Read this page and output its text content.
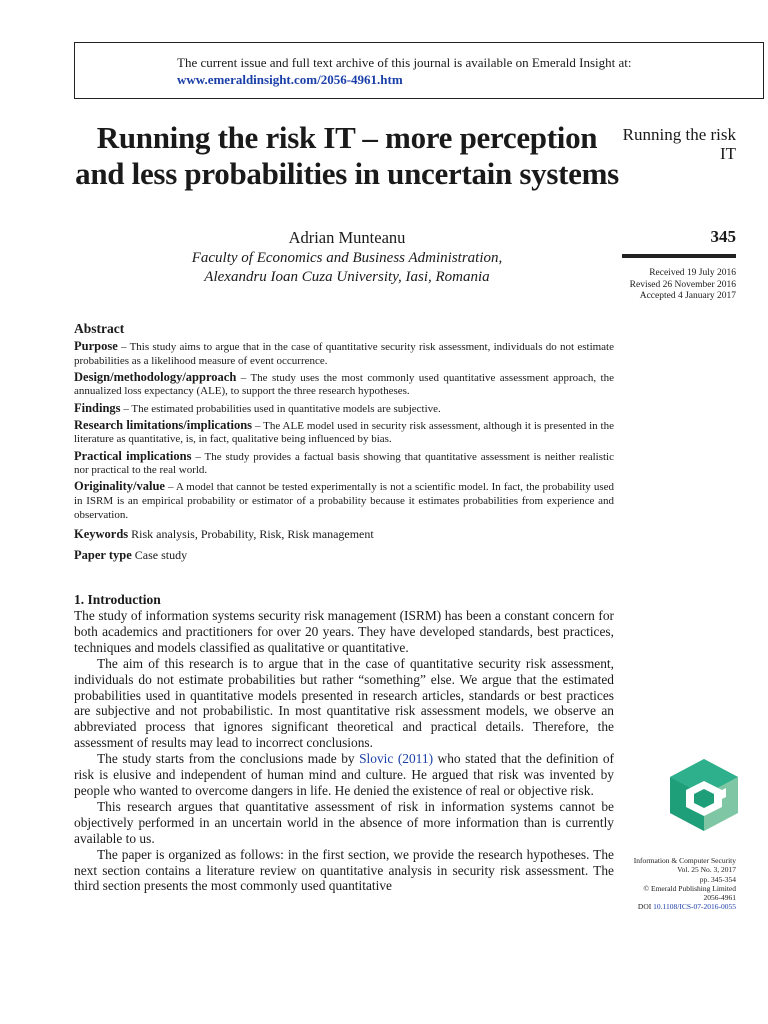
The current issue and full text archive of this journal is available on Emerald Insight at:
www.emeraldinsight.com/2056-4961.htm
Running the risk IT – more perception and less probabilities in uncertain systems
Adrian Munteanu
Faculty of Economics and Business Administration,
Alexandru Ioan Cuza University, Iasi, Romania
Running the risk IT
345
Received 19 July 2016
Revised 26 November 2016
Accepted 4 January 2017
Abstract

Purpose – This study aims to argue that in the case of quantitative security risk assessment, individuals do not estimate probabilities as a likelihood measure of event occurrence.

Design/methodology/approach – The study uses the most commonly used quantitative assessment approach, the annualized loss expectancy (ALE), to support the three research hypotheses.

Findings – The estimated probabilities used in quantitative models are subjective.

Research limitations/implications – The ALE model used in security risk assessment, although it is presented in the literature as quantitative, is, in fact, qualitative being influenced by bias.

Practical implications – The study provides a factual basis showing that quantitative assessment is neither realistic nor practical to the real world.

Originality/value – A model that cannot be tested experimentally is not a scientific model. In fact, the probability used in ISRM is an empirical probability or estimator of a probability because it estimates probabilities from experience and observation.

Keywords Risk analysis, Probability, Risk, Risk management
Paper type Case study
1. Introduction

The study of information systems security risk management (ISRM) has been a constant concern for both academics and practitioners for over 20 years. They have developed standards, best practices, techniques and models classified as qualitative or quantitative.

The aim of this research is to argue that in the case of quantitative security risk assessment, individuals do not estimate probabilities but rather “something” else. We argue that the estimated probabilities used in quantitative models presented in research articles, standards or best practices are subjective and not probabilistic. In most quantitative risk assessment models, we observe an abbreviated process that ignores significant theoretical and practical details. Therefore, the assessment of results may lead to incorrect conclusions.

The study starts from the conclusions made by Slovic (2011) who stated that the definition of risk is elusive and independent of human mind and culture. He argued that risk was invented by people who wanted to overcome dangers in life. He denied the existence of real or objective risk.

This research argues that quantitative assessment of risk in information systems cannot be objectively performed in an uncertain world in the absence of more information than is currently available to us.

The paper is organized as follows: in the first section, we provide the research hypotheses. The next section contains a literature review on quantitative analysis in security risk assessment. The third section presents the most commonly used quantitative

Information & Computer Security
Vol. 25 No. 3, 2017
pp. 345-354
© Emerald Publishing Limited
2056-4961
DOI 10.1108/ICS-07-2016-0055
